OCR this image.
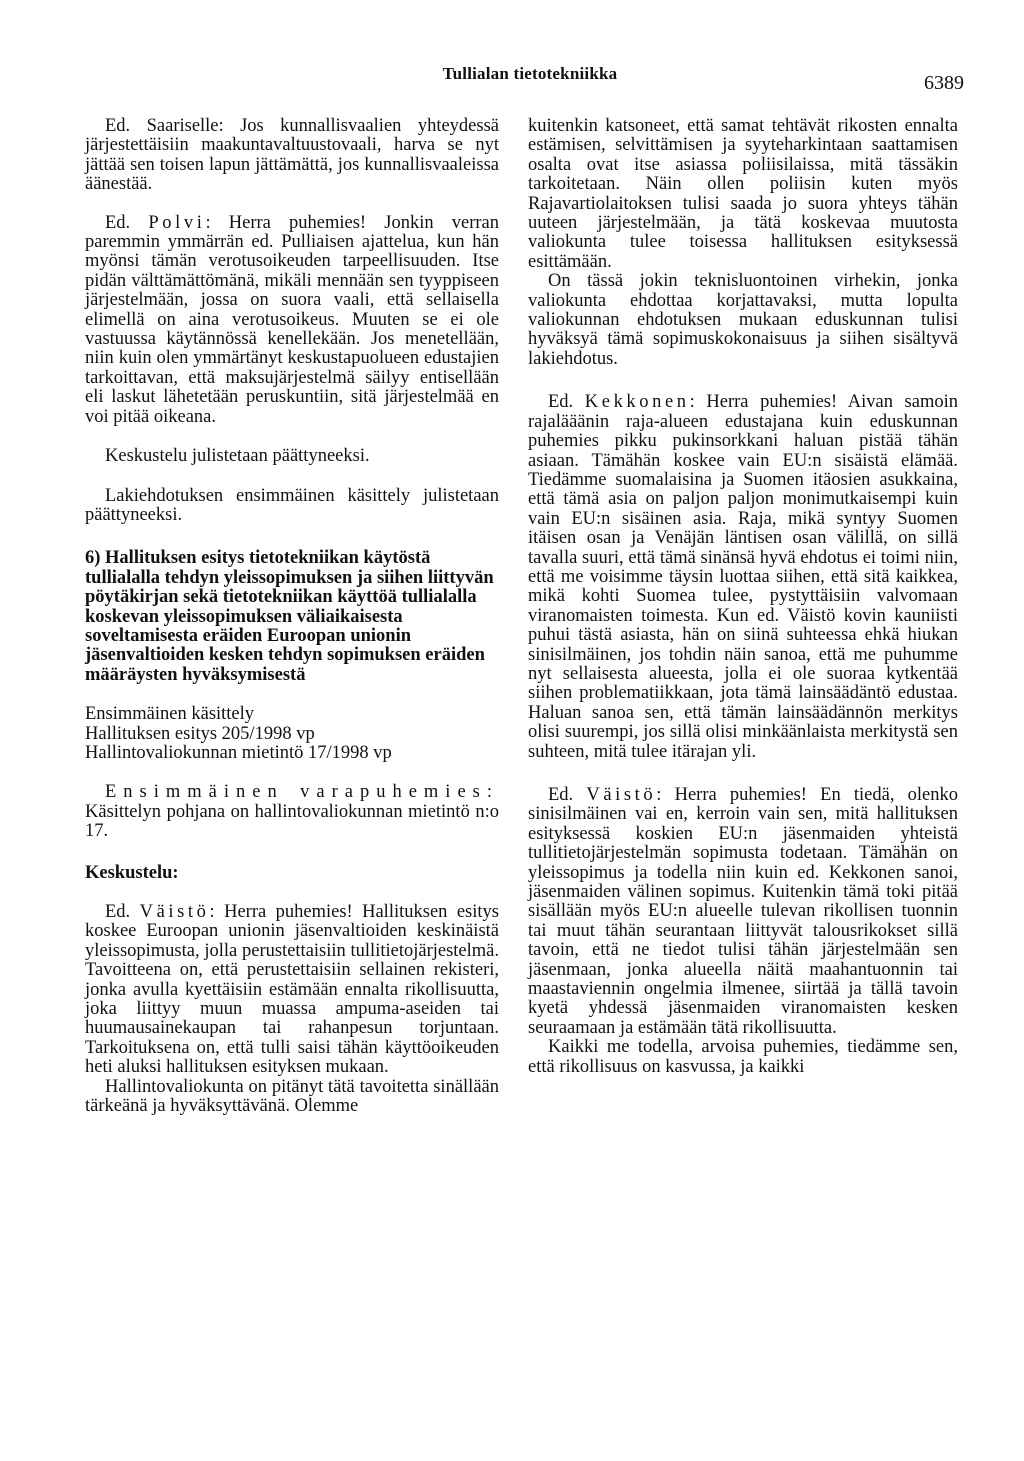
Tullialan tietotekniikka	6389

Ed. Saariselle: Jos kunnallisvaalien yhteydessä järjestettäisiin maakuntavaltuustovaali, harva se nyt jättää sen toisen lapun jättämättä, jos kunnallisvaaleissa äänestää.

Ed. Polvi: Herra puhemies! Jonkin verran paremmin ymmärrän ed. Pulliaisen ajattelua, kun hän myönsi tämän verotusoikeuden tarpeellisuuden. Itse pidän välttämättömänä, mikäli mennään sen tyyppiseen järjestelmään, jossa on suora vaali, että sellaisella elimellä on aina verotusoikeus. Muuten se ei ole vastuussa käytännössä kenellekään. Jos menetellään, niin kuin olen ymmärtänyt keskustapuolueen edustajien tarkoittavan, että maksujärjestelmä säilyy entisellään eli laskut lähetetään peruskuntiin, sitä järjestelmää en voi pitää oikeana.

Keskustelu julistetaan päättyneeksi.

Lakiehdotuksen ensimmäinen käsittely julistetaan päättyneeksi.

6) Hallituksen esitys tietotekniikan käytöstä tullialalla tehdyn yleissopimuksen ja siihen liittyvän pöytäkirjan sekä tietotekniikan käyttöä tullialalla koskevan yleissopimuksen väliaikaisesta soveltamisesta eräiden Euroopan unionin jäsenvaltioiden kesken tehdyn sopimuksen eräiden määräysten hyväksymisestä

Ensimmäinen käsittely

Hallituksen esitys 205/1998 vp

Hallintovaliokunnan mietintö 17/1998 vp

Ensimmäinen varapuhemies: Käsittelyn pohjana on hallintovaliokunnan mietintö n:o 17.

Keskustelu:

Ed. Väistö: Herra puhemies! Hallituksen esitys koskee Euroopan unionin jäsenvaltioiden keskinäistä yleissopimusta, jolla perustettaisiin tullitietojärjestelmä. Tavoitteena on, että perustettaisiin sellainen rekisteri, jonka avulla kyettäisiin estämään ennalta rikollisuutta, joka liittyy muun muassa ampuma-aseiden tai huumausainekaupan tai rahanpesun torjuntaan. Tarkoituksena on, että tulli saisi tähän käyttöoikeuden heti aluksi hallituksen esityksen mukaan.

Hallintovaliokunta on pitänyt tätä tavoitetta sinällään tärkeänä ja hyväksyttävänä. Olemme

kuitenkin katsoneet, että samat tehtävät rikosten ennalta estämisen, selvittämisen ja syyteharkintaan saattamisen osalta ovat itse asiassa poliisilaissa, mitä tässäkin tarkoitetaan. Näin ollen poliisin kuten myös Rajavartiolaitoksen tulisi saada jo suora yhteys tähän uuteen järjestelmään, ja tätä koskevaa muutosta valiokunta tulee toisessa hallituksen esityksessä esittämään.

On tässä jokin teknisluontoinen virhekin, jonka valiokunta ehdottaa korjattavaksi, mutta lopulta valiokunnan ehdotuksen mukaan eduskunnan tulisi hyväksyä tämä sopimuskokonaisuus ja siihen sisältyvä lakiehdotus.

Ed. Kekkonen: Herra puhemies! Aivan samoin rajalääänin raja-alueen edustajana kuin eduskunnan puhemies pikku pukinsorkkani haluan pistää tähän asiaan. Tämähän koskee vain EU:n sisäistä elämää. Tiedämme suomalaisina ja Suomen itäosien asukkaina, että tämä asia on paljon paljon monimutkaisempi kuin vain EU:n sisäinen asia. Raja, mikä syntyy Suomen itäisen osan ja Venäjän läntisen osan välillä, on sillä tavalla suuri, että tämä sinänsä hyvä ehdotus ei toimi niin, että me voisimme täysin luottaa siihen, että sitä kaikkea, mikä kohti Suomea tulee, pystyttäisiin valvomaan viranomaisten toimesta. Kun ed. Väistö kovin kauniisti puhui tästä asiasta, hän on siinä suhteessa ehkä hiukan sinisilmäinen, jos tohdin näin sanoa, että me puhumme nyt sellaisesta alueesta, jolla ei ole suoraa kytkentää siihen problematiikkaan, jota tämä lainsäädäntö edustaa. Haluan sanoa sen, että tämän lainsäädännön merkitys olisi suurempi, jos sillä olisi minkäänlaista merkitystä sen suhteen, mitä tulee itärajan yli.

Ed. Väistö: Herra puhemies! En tiedä, olenko sinisilmäinen vai en, kerroin vain sen, mitä hallituksen esityksessä koskien EU:n jäsenmaiden yhteistä tullitietojärjestelmän sopimusta todetaan. Tämähän on yleissopimus ja todella niin kuin ed. Kekkonen sanoi, jäsenmaiden välinen sopimus. Kuitenkin tämä toki pitää sisällään myös EU:n alueelle tulevan rikollisen tuonnin tai muut tähän seurantaan liittyvät talousrikokset sillä tavoin, että ne tiedot tulisi tähän järjestelmään sen jäsenmaan, jonka alueella näitä maahantuonnin tai maastaviennin ongelmia ilmenee, siirtää ja tällä tavoin kyetä yhdessä jäsenmaiden viranomaisten kesken seuraamaan ja estämään tätä rikollisuutta.

Kaikki me todella, arvoisa puhemies, tiedämme sen, että rikollisuus on kasvussa, ja kaikki
